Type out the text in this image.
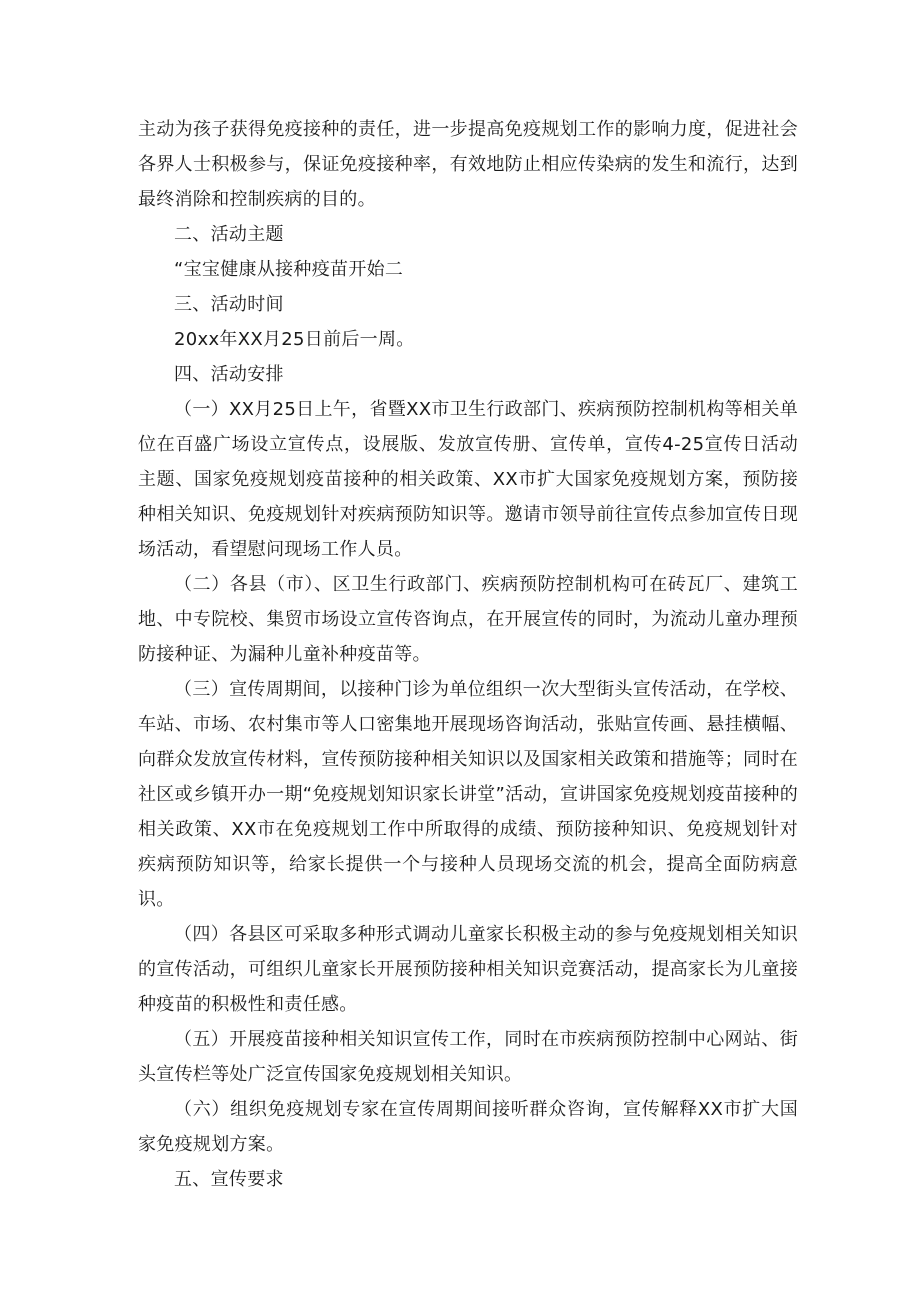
主动为孩子获得免疫接种的责任，进一步提高免疫规划工作的影响力度，促进社会各界人士积极参与，保证免疫接种率，有效地防止相应传染病的发生和流行，达到最终消除和控制疾病的目的。

二、活动主题

“宝宝健康从接种疫苗开始二

三、活动时间

20xx年XX月25日前后一周。

四、活动安排

（一）XX月25日上午，省暨XX市卫生行政部门、疾病预防控制机构等相关单位在百盛广场设立宣传点，设展版、发放宣传册、宣传单，宣传4-25宣传日活动主题、国家免疫规划疫苗接种的相关政策、XX市扩大国家免疫规划方案，预防接种相关知识、免疫规划针对疾病预防知识等。邀请市领导前往宣传点参加宣传日现场活动，看望慰问现场工作人员。

（二）各县（市）、区卫生行政部门、疾病预防控制机构可在砖瓦厂、建筑工地、中专院校、集贸市场设立宣传咨询点，在开展宣传的同时，为流动儿童办理预防接种证、为漏种儿童补种疫苗等。

（三）宣传周期间，以接种门诊为单位组织一次大型街头宣传活动，在学校、车站、市场、农村集市等人口密集地开展现场咨询活动，张贴宣传画、悬挂横幅、向群众发放宣传材料，宣传预防接种相关知识以及国家相关政策和措施等；同时在社区或乡镇开办一期“免疫规划知识家长讲堂”活动，宣讲国家免疫规划疫苗接种的相关政策、XX市在免疫规划工作中所取得的成绩、预防接种知识、免疫规划针对疾病预防知识等，给家长提供一个与接种人员现场交流的机会，提高全面防病意识。

（四）各县区可采取多种形式调动儿童家长积极主动的参与免疫规划相关知识的宣传活动，可组织儿童家长开展预防接种相关知识竞赛活动，提高家长为儿童接种疫苗的积极性和责任感。

（五）开展疫苗接种相关知识宣传工作，同时在市疾病预防控制中心网站、街头宣传栏等处广泛宣传国家免疫规划相关知识。

（六）组织免疫规划专家在宣传周期间接听群众咨询，宣传解释XX市扩大国家免疫规划方案。

五、宣传要求
